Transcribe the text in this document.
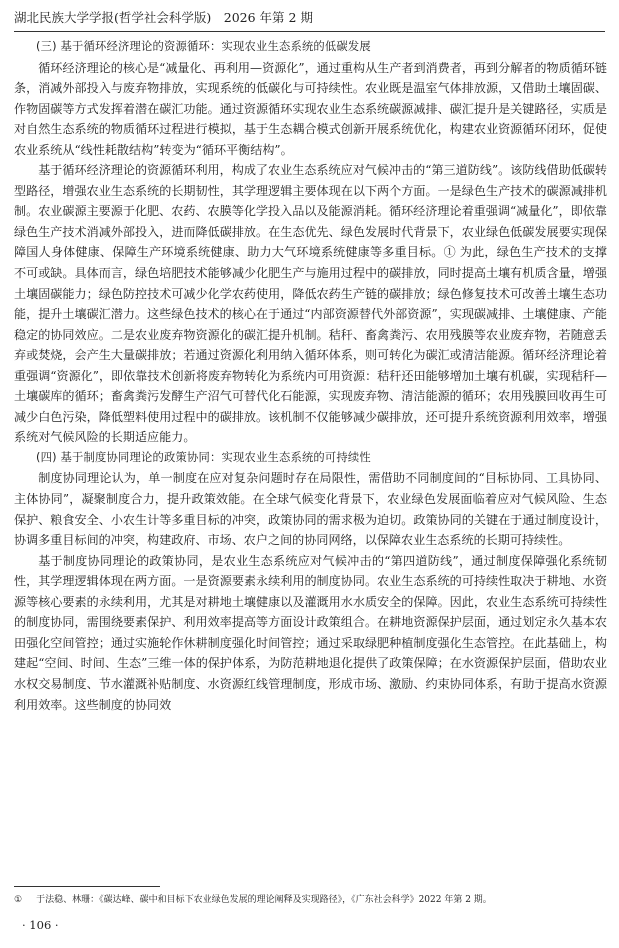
湖北民族大学学报(哲学社会科学版)　2026 年第 2 期

(三) 基于循环经济理论的资源循环：实现农业生态系统的低碳发展

循环经济理论的核心是“减量化、再利用—资源化”，通过重构从生产者到消费者，再到分解者的物质循环链条，消减外部投入与废弃物排放，实现系统的低碳化与可持续性。农业既是温室气体排放源，又借助土壤固碳、作物固碳等方式发挥着潜在碳汇功能。通过资源循环实现农业生态系统碳源减排、碳汇提升是关键路径，实质是对自然生态系统的物质循环过程进行模拟，基于生态耦合模式创新开展系统优化，构建农业资源循环闭环，促使农业系统从“线性耗散结构”转变为“循环平衡结构”。

基于循环经济理论的资源循环利用，构成了农业生态系统应对气候冲击的“第三道防线”。该防线借助低碳转型路径，增强农业生态系统的长期韧性，其学理逻辑主要体现在以下两个方面。一是绿色生产技术的碳源减排机制。农业碳源主要源于化肥、农药、农膜等化学投入品以及能源消耗。循环经济理论着重强调“减量化”，即依靠绿色生产技术消减外部投入，进而降低碳排放。在生态优先、绿色发展时代背景下，农业绿色低碳发展要实现保障国人身体健康、保障生产环境系统健康、助力大气环境系统健康等多重目标。① 为此，绿色生产技术的支撑不可或缺。具体而言，绿色培肥技术能够减少化肥生产与施用过程中的碳排放，同时提高土壤有机质含量，增强土壤固碳能力；绿色防控技术可减少化学农药使用，降低农药生产链的碳排放；绿色修复技术可改善土壤生态功能，提升土壤碳汇潜力。这些绿色技术的核心在于通过“内部资源替代外部资源”，实现碳减排、土壤健康、产能稳定的协同效应。二是农业废弃物资源化的碳汇提升机制。秸秆、畜禽粪污、农用残膜等农业废弃物，若随意丢弃或焚烧，会产生大量碳排放；若通过资源化利用纳入循环体系，则可转化为碳汇或清洁能源。循环经济理论着重强调“资源化”，即依靠技术创新将废弃物转化为系统内可用资源：秸秆还田能够增加土壤有机碳，实现秸秆—土壤碳库的循环；畜禽粪污发酵生产沼气可替代化石能源，实现废弃物、清洁能源的循环；农用残膜回收再生可减少白色污染，降低塑料使用过程中的碳排放。该机制不仅能够减少碳排放，还可提升系统资源利用效率，增强系统对气候风险的长期适应能力。

(四) 基于制度协同理论的政策协同：实现农业生态系统的可持续性

制度协同理论认为，单一制度在应对复杂问题时存在局限性，需借助不同制度间的“目标协同、工具协同、主体协同”，凝聚制度合力，提升政策效能。在全球气候变化背景下，农业绿色发展面临着应对气候风险、生态保护、粮食安全、小农生计等多重目标的冲突，政策协同的需求极为迫切。政策协同的关键在于通过制度设计，协调多重目标间的冲突，构建政府、市场、农户之间的协同网络，以保障农业生态系统的长期可持续性。

基于制度协同理论的政策协同，是农业生态系统应对气候冲击的“第四道防线”，通过制度保障强化系统韧性，其学理逻辑体现在两方面。一是资源要素永续利用的制度协同。农业生态系统的可持续性取决于耕地、水资源等核心要素的永续利用，尤其是对耕地土壤健康以及灌溉用水水质安全的保障。因此，农业生态系统可持续性的制度协同，需围绕要素保护、利用效率提高等方面设计政策组合。在耕地资源保护层面，通过划定永久基本农田强化空间管控；通过实施轮作休耕制度强化时间管控；通过采取绿肥种植制度强化生态管控。在此基础上，构建起“空间、时间、生态”三维一体的保护体系，为防范耕地退化提供了政策保障；在水资源保护层面，借助农业水权交易制度、节水灌溉补贴制度、水资源红线管理制度，形成市场、激励、约束协同体系，有助于提高水资源利用效率。这些制度的协同效

① 于法稳、林珊：《碳达峰、碳中和目标下农业绿色发展的理论阐释及实现路径》，《广东社会科学》2022 年第 2 期。
· 106 ·
